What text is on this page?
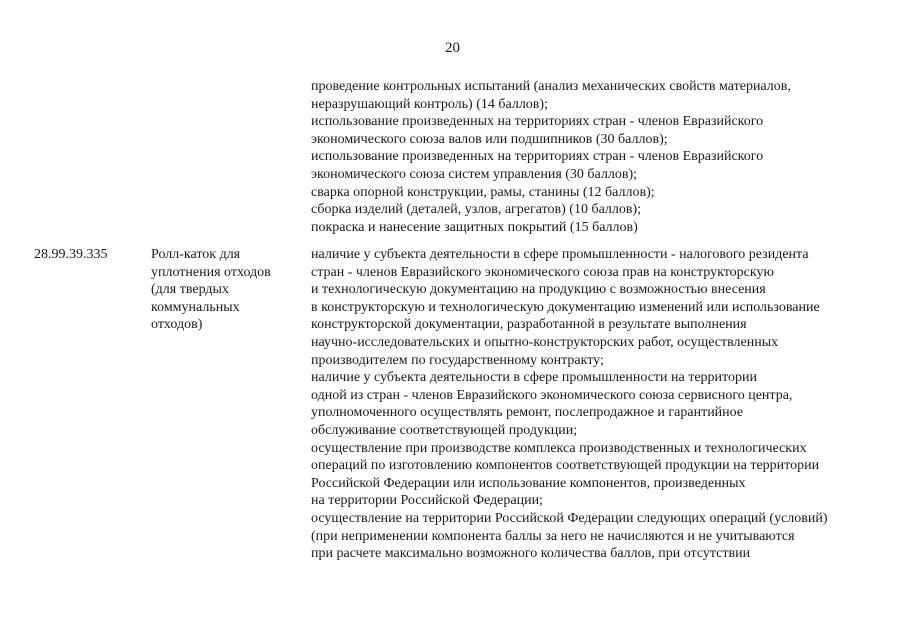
20
проведение контрольных испытаний (анализ механических свойств материалов,
неразрушающий контроль) (14 баллов);
использование произведенных на территориях стран - членов Евразийского
экономического союза валов или подшипников (30 баллов);
использование произведенных на территориях стран - членов Евразийского
экономического союза систем управления (30 баллов);
сварка опорной конструкции, рамы, станины (12 баллов);
сборка изделий (деталей, узлов, агрегатов) (10 баллов);
покраска и нанесение защитных покрытий (15 баллов)
28.99.39.335	Ролл-каток для
уплотнения отходов
(для твердых
коммунальных
отходов)
наличие у субъекта деятельности в сфере промышленности - налогового резидента
стран - членов Евразийского экономического союза прав на конструкторскую
и технологическую документацию на продукцию с возможностью внесения
в конструкторскую и технологическую документацию изменений или использование
конструкторской документации, разработанной в результате выполнения
научно-исследовательских и опытно-конструкторских работ, осуществленных
производителем по государственному контракту;
наличие у субъекта деятельности в сфере промышленности на территории
одной из стран - членов Евразийского экономического союза сервисного центра,
уполномоченного осуществлять ремонт, послепродажное и гарантийное
обслуживание соответствующей продукции;
осуществление при производстве комплекса производственных и технологических
операций по изготовлению компонентов соответствующей продукции на территории
Российской Федерации или использование компонентов, произведенных
на территории Российской Федерации;
осуществление на территории Российской Федерации следующих операций (условий)
(при неприменении компонента баллы за него не начисляются и не учитываются
при расчете максимально возможного количества баллов, при отсутствии
